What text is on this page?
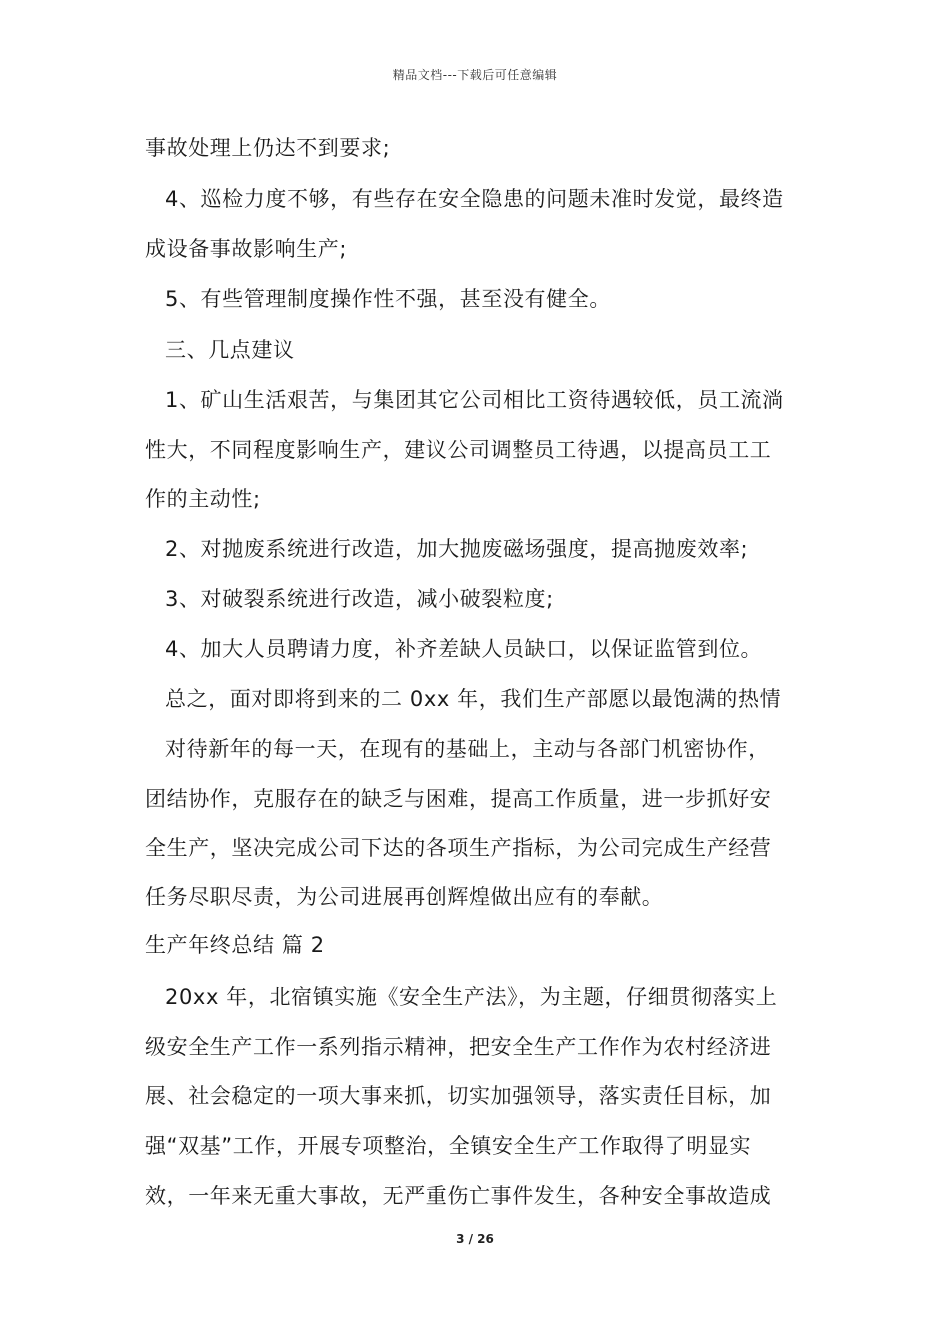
精品文档---下载后可任意编辑
事故处理上仍达不到要求;
4、巡检力度不够，有些存在安全隐患的问题未准时发觉，最终造
成设备事故影响生产;
5、有些管理制度操作性不强，甚至没有健全。
三、几点建议
1、矿山生活艰苦，与集团其它公司相比工资待遇较低，员工流淌
性大，不同程度影响生产，建议公司调整员工待遇，以提高员工工
作的主动性;
2、对抛废系统进行改造，加大抛废磁场强度，提高抛废效率;
3、对破裂系统进行改造，减小破裂粒度;
4、加大人员聘请力度，补齐差缺人员缺口，以保证监管到位。
总之，面对即将到来的二 0xx 年，我们生产部愿以最饱满的热情
对待新年的每一天，在现有的基础上，主动与各部门机密协作，
团结协作，克服存在的缺乏与困难，提高工作质量，进一步抓好安
全生产，坚决完成公司下达的各项生产指标，为公司完成生产经营
任务尽职尽责，为公司进展再创辉煌做出应有的奉献。
生产年终总结 篇 2
20xx 年，北宿镇实施《安全生产法》，为主题，仔细贯彻落实上
级安全生产工作一系列指示精神，把安全生产工作作为农村经济进
展、社会稳定的一项大事来抓，切实加强领导，落实责任目标，加
强“双基”工作，开展专项整治，全镇安全生产工作取得了明显实
效，一年来无重大事故，无严重伤亡事件发生，各种安全事故造成
3 / 26
